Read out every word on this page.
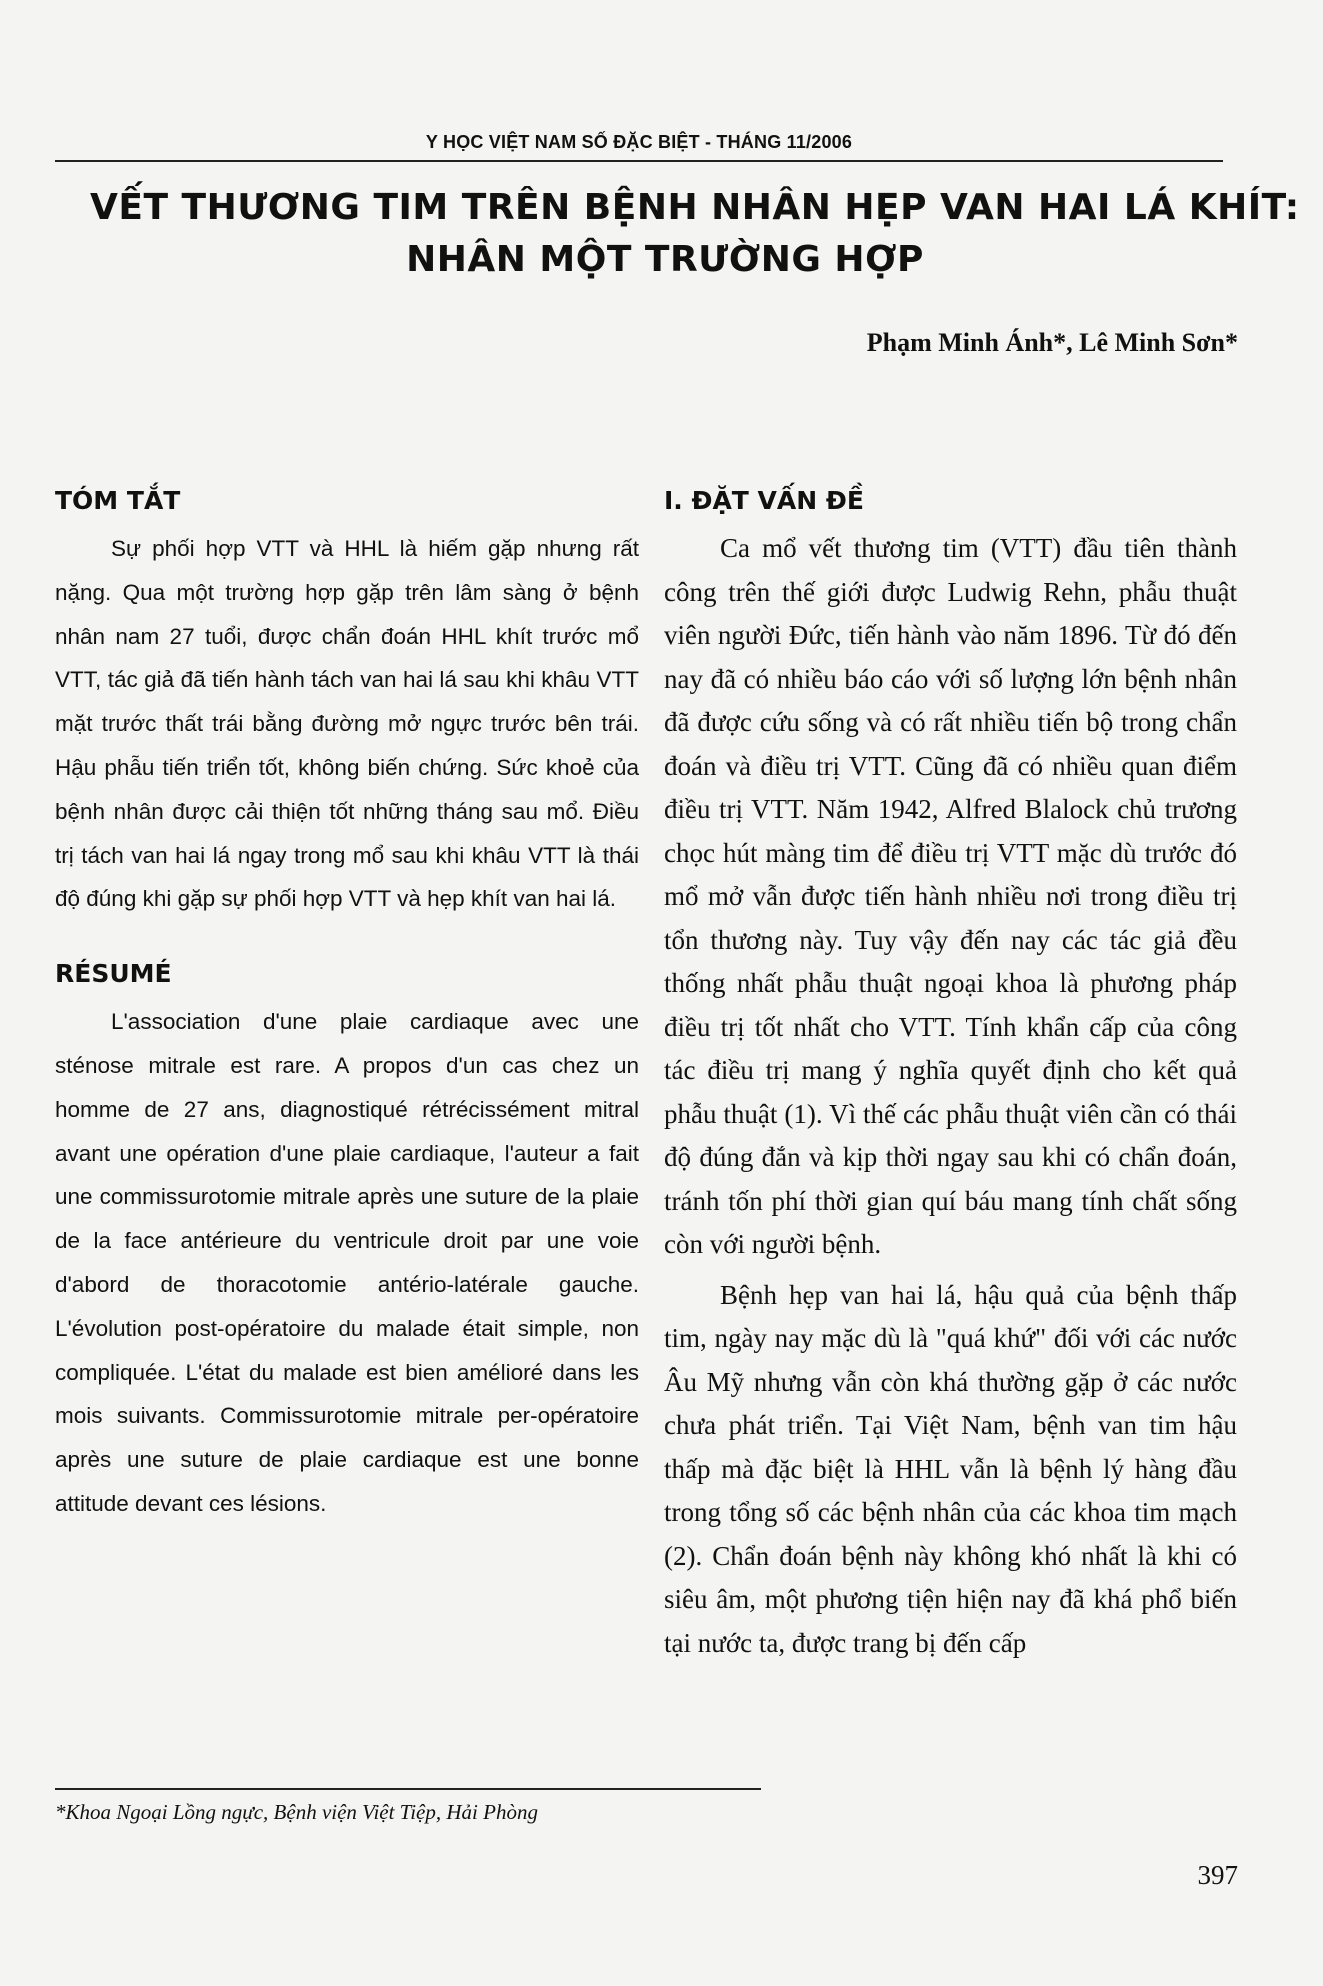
Y HỌC VIỆT NAM SỐ ĐẶC BIỆT - THÁNG 11/2006
VẾT THƯƠNG TIM TRÊN BỆNH NHÂN HẸP VAN HAI LÁ KHÍT:
NHÂN MỘT TRƯỜNG HỢP
Phạm Minh Ánh*, Lê Minh Sơn*
TÓM TẮT

Sự phối hợp VTT và HHL là hiếm gặp nhưng rất nặng. Qua một trường hợp gặp trên lâm sàng ở bệnh nhân nam 27 tuổi, được chẩn đoán HHL khít trước mổ VTT, tác giả đã tiến hành tách van hai lá sau khi khâu VTT mặt trước thất trái bằng đường mở ngực trước bên trái. Hậu phẫu tiến triển tốt, không biến chứng. Sức khoẻ của bệnh nhân được cải thiện tốt những tháng sau mổ. Điều trị tách van hai lá ngay trong mổ sau khi khâu VTT là thái độ đúng khi gặp sự phối hợp VTT và hẹp khít van hai lá.

RÉSUMÉ

L'association d'une plaie cardiaque avec une sténose mitrale est rare. A propos d'un cas chez un homme de 27 ans, diagnostiqué rétrécissément mitral avant une opération d'une plaie cardiaque, l'auteur a fait une commissurotomie mitrale après une suture de la plaie de la face antérieure du ventricule droit par une voie d'abord de thoracotomie antério-latérale gauche. L'évolution post-opératoire du malade était simple, non compliquée. L'état du malade est bien amélioré dans les mois suivants. Commissurotomie mitrale per-opératoire après une suture de plaie cardiaque est une bonne attitude devant ces lésions.

I. ĐẶT VẤN ĐỀ

Ca mổ vết thương tim (VTT) đầu tiên thành công trên thế giới được Ludwig Rehn, phẫu thuật viên người Đức, tiến hành vào năm 1896. Từ đó đến nay đã có nhiều báo cáo với số lượng lớn bệnh nhân đã được cứu sống và có rất nhiều tiến bộ trong chẩn đoán và điều trị VTT. Cũng đã có nhiều quan điểm điều trị VTT. Năm 1942, Alfred Blalock chủ trương chọc hút màng tim để điều trị VTT mặc dù trước đó mổ mở vẫn được tiến hành nhiều nơi trong điều trị tổn thương này. Tuy vậy đến nay các tác giả đều thống nhất phẫu thuật ngoại khoa là phương pháp điều trị tốt nhất cho VTT. Tính khẩn cấp của công tác điều trị mang ý nghĩa quyết định cho kết quả phẫu thuật (1). Vì thế các phẫu thuật viên cần có thái độ đúng đắn và kịp thời ngay sau khi có chẩn đoán, tránh tốn phí thời gian quí báu mang tính chất sống còn với người bệnh.

Bệnh hẹp van hai lá, hậu quả của bệnh thấp tim, ngày nay mặc dù là "quá khứ" đối với các nước Âu Mỹ nhưng vẫn còn khá thường gặp ở các nước chưa phát triển. Tại Việt Nam, bệnh van tim hậu thấp mà đặc biệt là HHL vẫn là bệnh lý hàng đầu trong tổng số các bệnh nhân của các khoa tim mạch (2). Chẩn đoán bệnh này không khó nhất là khi có siêu âm, một phương tiện hiện nay đã khá phổ biến tại nước ta, được trang bị đến cấp

*Khoa Ngoại Lồng ngực, Bệnh viện Việt Tiệp, Hải Phòng
397
